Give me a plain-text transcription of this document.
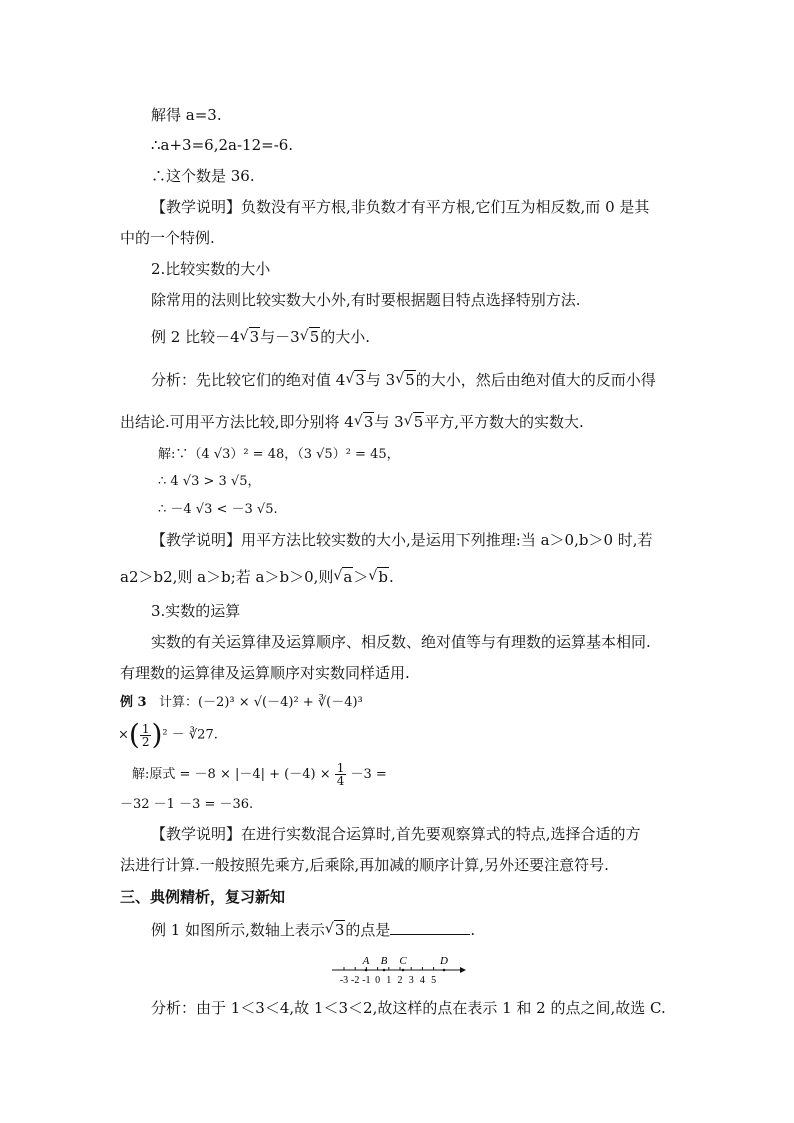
解得 a=3.
∴a+3=6,2a-12=-6.
∴这个数是 36.
【教学说明】负数没有平方根,非负数才有平方根,它们互为相反数,而 0 是其
中的一个特例.
2.比较实数的大小
除常用的法则比较实数大小外,有时要根据题目特点选择特别方法.
例 2 比较－4 √ 3与－3 √ 5的大小.
分析：先比较它们的绝对值 4 √ 3与 3 √ 5的大小，然后由绝对值大的反而小得
出结论.可用平方法比较,即分别将 4 √ 3与 3 √ 5平方,平方数大的实数大.
解:∵（4 √3）² = 48，（3 √5）² = 45，
∴ 4 √3 > 3 √5，
∴ －4 √3 < －3 √5.
【教学说明】用平方法比较实数的大小,是运用下列推理:当 a＞0,b＞0 时,若
a2＞b2,则 a＞b;若 a＞b＞0,则 √ a＞ √ b.
3.实数的运算
实数的有关运算律及运算顺序、相反数、绝对值等与有理数的运算基本相同.
有理数的运算律及运算顺序对实数同样适用.
例 3 计算：(－2)³ × √(－4)² + ∛(－4)³
×( $\frac{1}{2} )^2$ － ∛27.
解:原式 = $-8 \times |-4| + (-4) \times \frac{1}{4} -3$ =
－32 －1 －3 = －36.
【教学说明】在进行实数混合运算时,首先要观察算式的特点,选择合适的方
法进行计算.一般按照先乘方,后乘除,再加减的顺序计算,另外还要注意符号.
三、典例精析，复习新知
例 1 如图所示,数轴上表示 √ 3的点是	.
A B C	D
-3 -2 -1 0 1 2 3 4 5
分析：由于 1＜3＜4,故 1＜3＜2,故这样的点在表示 1 和 2 的点之间,故选 C.
